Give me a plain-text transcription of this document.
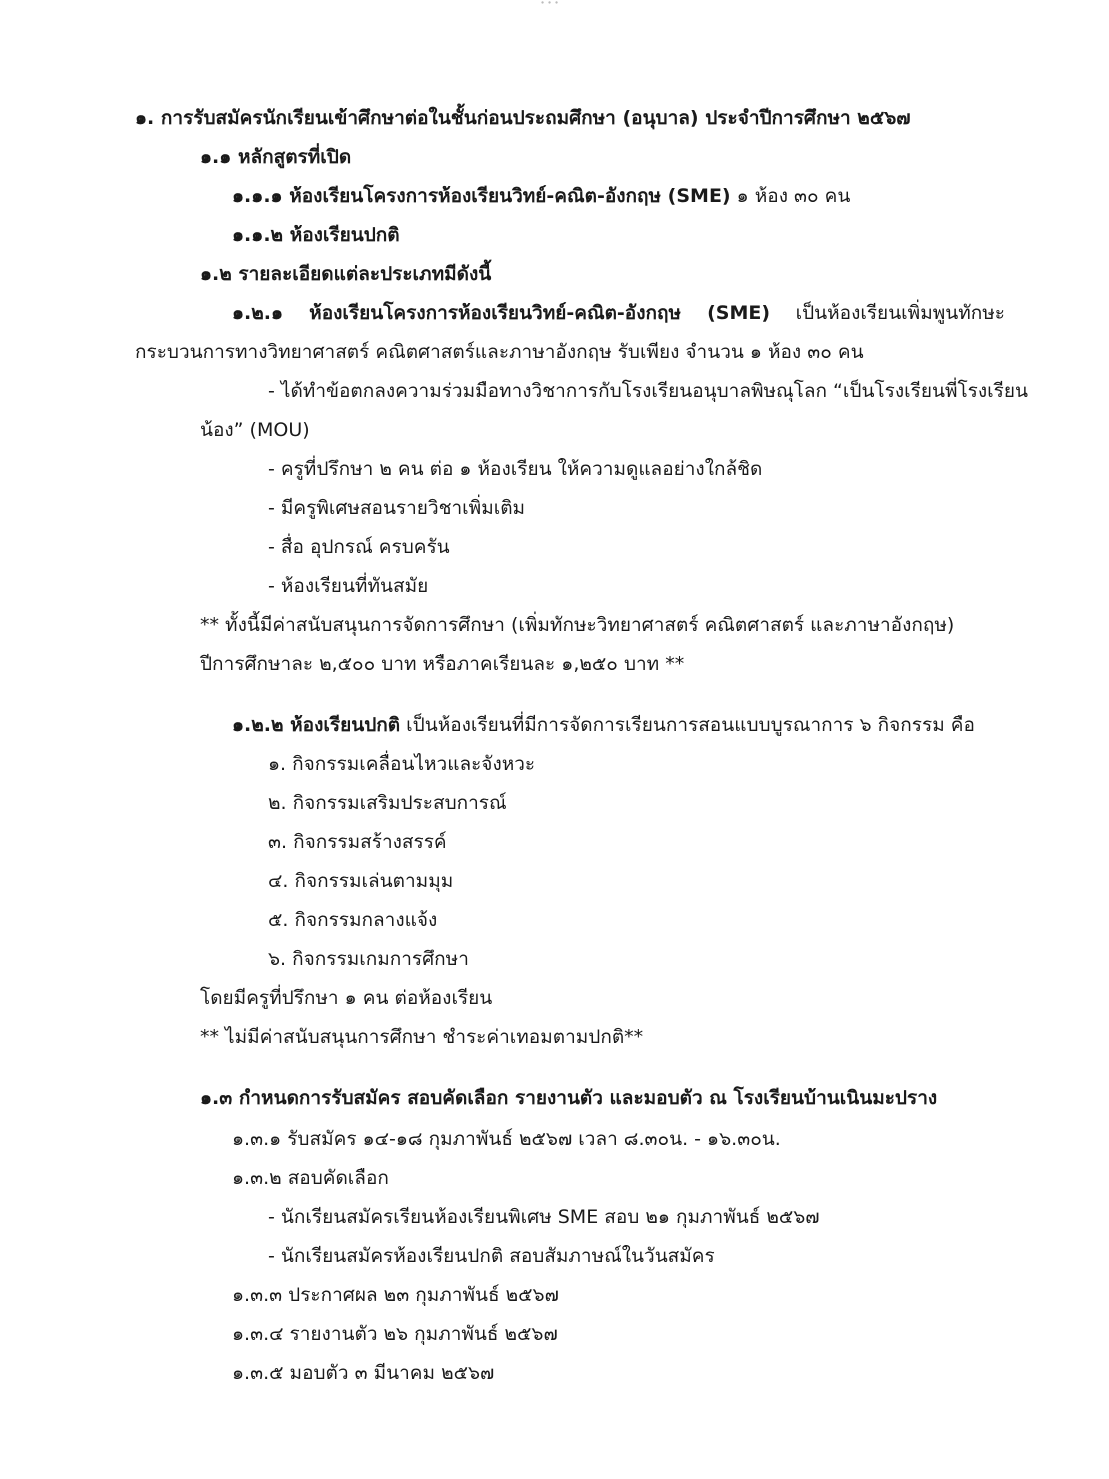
∙∙∙
๑. การรับสมัครนักเรียนเข้าศึกษาต่อในชั้นก่อนประถมศึกษา (อนุบาล) ประจำปีการศึกษา ๒๕๖๗
๑.๑ หลักสูตรที่เปิด
๑.๑.๑ ห้องเรียนโครงการห้องเรียนวิทย์-คณิต-อังกฤษ (SME) ๑ ห้อง ๓๐ คน
๑.๑.๒ ห้องเรียนปกติ
๑.๒ รายละเอียดแต่ละประเภทมีดังนี้
๑.๒.๑ ห้องเรียนโครงการห้องเรียนวิทย์-คณิต-อังกฤษ (SME) เป็นห้องเรียนเพิ่มพูนทักษะ
กระบวนการทางวิทยาศาสตร์ คณิตศาสตร์และภาษาอังกฤษ รับเพียง จำนวน ๑ ห้อง ๓๐ คน
- ได้ทำข้อตกลงความร่วมมือทางวิชาการกับโรงเรียนอนุบาลพิษณุโลก “เป็นโรงเรียนพี่โรงเรียน
น้อง” (MOU)
- ครูที่ปรึกษา ๒ คน ต่อ ๑ ห้องเรียน ให้ความดูแลอย่างใกล้ชิด
- มีครูพิเศษสอนรายวิชาเพิ่มเติม
- สื่อ อุปกรณ์ ครบครัน
- ห้องเรียนที่ทันสมัย
** ทั้งนี้มีค่าสนับสนุนการจัดการศึกษา (เพิ่มทักษะวิทยาศาสตร์ คณิตศาสตร์ และภาษาอังกฤษ)
ปีการศึกษาละ ๒,๕๐๐ บาท หรือภาคเรียนละ ๑,๒๕๐ บาท **
๑.๒.๒ ห้องเรียนปกติ เป็นห้องเรียนที่มีการจัดการเรียนการสอนแบบบูรณาการ ๖ กิจกรรม คือ
๑. กิจกรรมเคลื่อนไหวและจังหวะ
๒. กิจกรรมเสริมประสบการณ์
๓. กิจกรรมสร้างสรรค์
๔. กิจกรรมเล่นตามมุม
๕. กิจกรรมกลางแจ้ง
๖. กิจกรรมเกมการศึกษา
โดยมีครูที่ปรึกษา ๑ คน ต่อห้องเรียน
** ไม่มีค่าสนับสนุนการศึกษา ชำระค่าเทอมตามปกติ**
๑.๓ กำหนดการรับสมัคร สอบคัดเลือก รายงานตัว และมอบตัว ณ โรงเรียนบ้านเนินมะปราง
๑.๓.๑ รับสมัคร ๑๔-๑๘ กุมภาพันธ์ ๒๕๖๗ เวลา ๘.๓๐น. - ๑๖.๓๐น.
๑.๓.๒ สอบคัดเลือก
- นักเรียนสมัครเรียนห้องเรียนพิเศษ SME สอบ ๒๑ กุมภาพันธ์ ๒๕๖๗
- นักเรียนสมัครห้องเรียนปกติ สอบสัมภาษณ์ในวันสมัคร
๑.๓.๓ ประกาศผล ๒๓ กุมภาพันธ์ ๒๕๖๗
๑.๓.๔ รายงานตัว ๒๖ กุมภาพันธ์ ๒๕๖๗
๑.๓.๕ มอบตัว ๓ มีนาคม ๒๕๖๗
